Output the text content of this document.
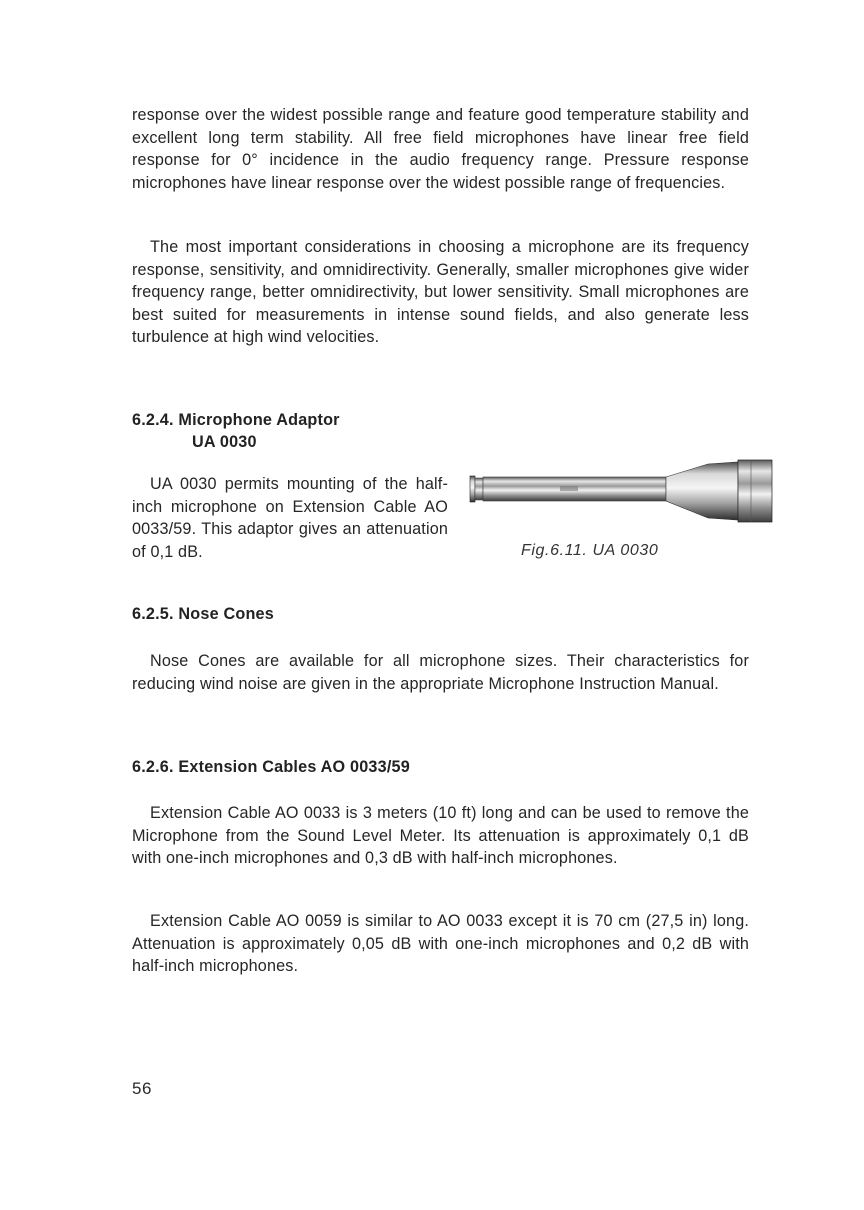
response over the widest possible range and feature good temperature stability and excellent long term stability. All free field microphones have linear free field response for 0° incidence in the audio frequency range. Pressure response microphones have linear response over the widest possible range of frequencies.

The most important considerations in choosing a microphone are its frequency response, sensitivity, and omnidirectivity. Generally, smaller microphones give wider frequency range, better omnidirectivity, but lower sensitivity. Small microphones are best suited for measurements in intense sound fields, and also generate less turbulence at high wind velocities.

6.2.4. Microphone Adaptor
UA 0030

UA 0030 permits mounting of the half-inch microphone on Extension Cable AO 0033/59. This adaptor gives an attenuation of 0,1 dB.	Fig.6.11. UA 0030

6.2.5. Nose Cones

Nose Cones are available for all microphone sizes. Their characteristics for reducing wind noise are given in the appropriate Microphone Instruction Manual.

6.2.6. Extension Cables AO 0033/59

Extension Cable AO 0033 is 3 meters (10 ft) long and can be used to remove the Microphone from the Sound Level Meter. Its attenuation is approximately 0,1 dB with one-inch microphones and 0,3 dB with half-inch microphones.

Extension Cable AO 0059 is similar to AO 0033 except it is 70 cm (27,5 in) long. Attenuation is approximately 0,05 dB with one-inch microphones and 0,2 dB with half-inch microphones.

56
